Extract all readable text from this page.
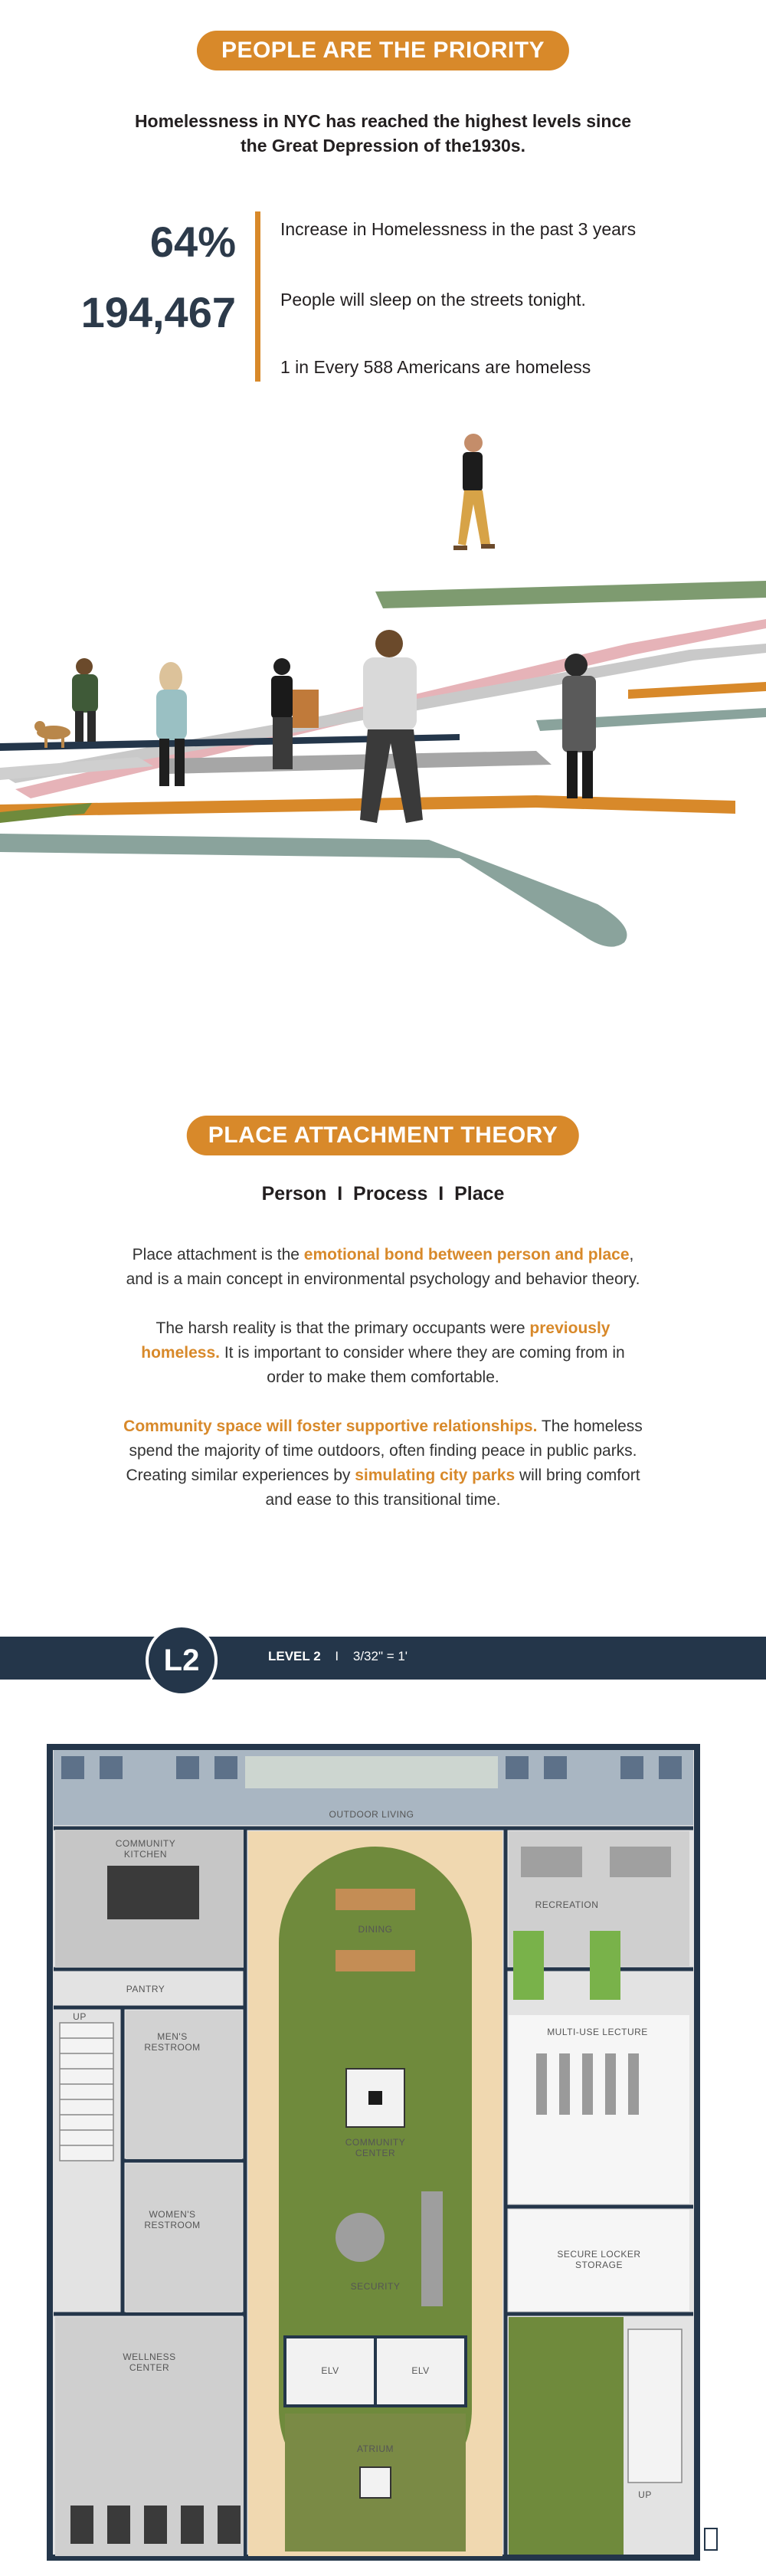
PEOPLE ARE THE PRIORITY
Homelessness in NYC has reached the highest levels since
the Great Depression of the1930s.
64%
194,467
Increase in Homelessness in the past 3 years
People will sleep on the streets tonight.
1 in Every 588 Americans are homeless
PLACE ATTACHMENT THEORY
Person  I  Process  I  Place
Place attachment is the emotional bond between person and place,
and is a main concept in environmental psychology and behavior theory.
The harsh reality is that the primary occupants were previously
homeless. It is important to consider where they are coming from in
order to make them comfortable.
Community space will foster supportive relationships. The homeless
spend the majority of time outdoors, often finding peace in public parks.
Creating similar experiences by simulating city parks will bring comfort
and ease to this transitional time.
L2	LEVEL 2 I 3/32" = 1'
OUTDOOR LIVING
COMMUNITY
KITCHEN
PANTRY
UP
MEN'S
RESTROOM
WOMEN'S
RESTROOM
WELLNESS
CENTER
DINING
COMMUNITY
CENTER
SECURITY
ELV	ELV
ATRIUM
RECREATION
MULTI-USE LECTURE
SECURE LOCKER
STORAGE
UP
